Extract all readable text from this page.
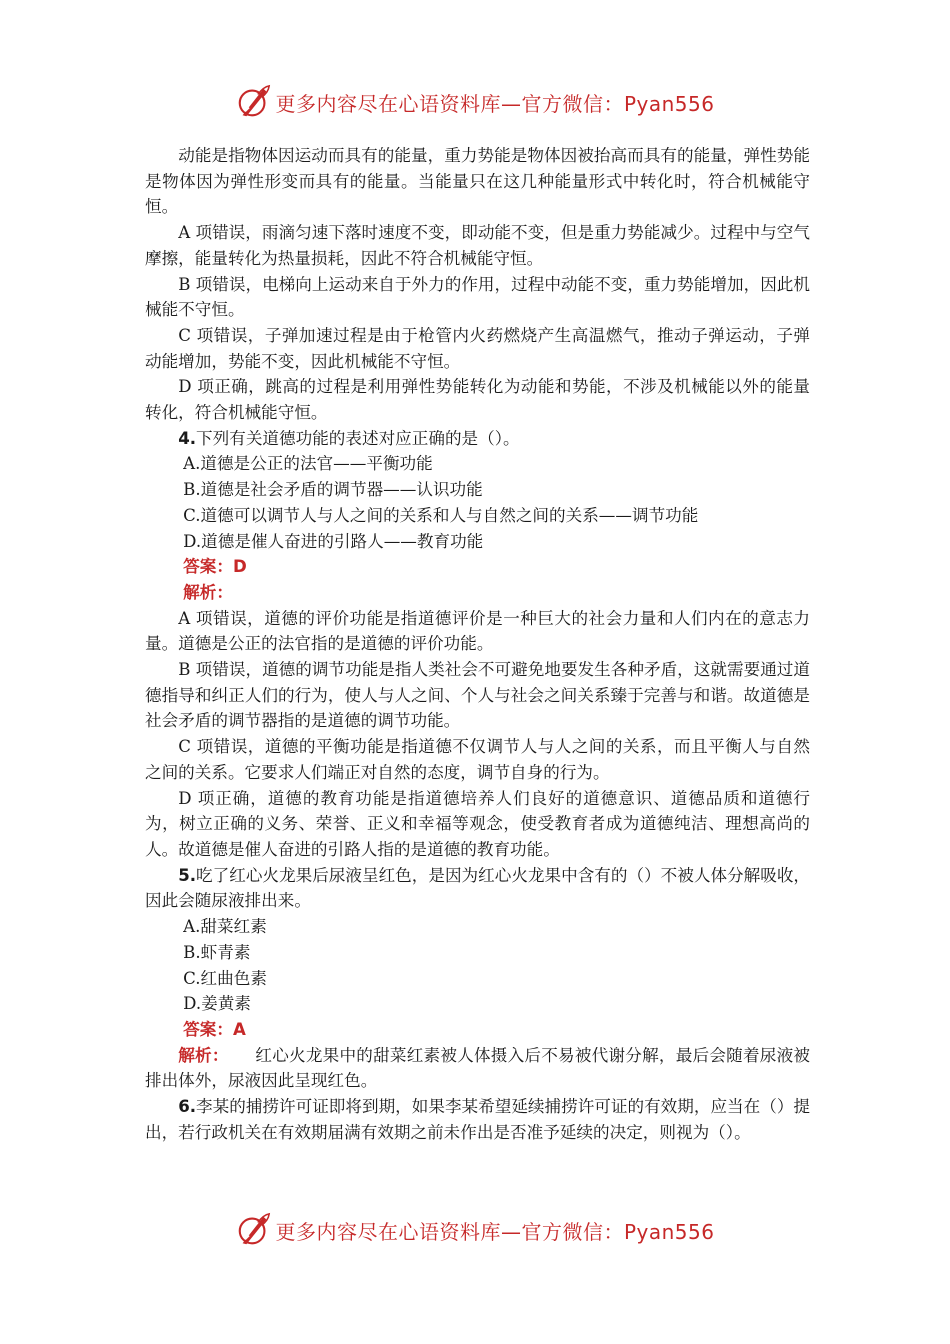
更多内容尽在心语资料库—官方微信：Pyan556

动能是指物体因运动而具有的能量，重力势能是物体因被抬高而具有的能量，弹性势能是物体因为弹性形变而具有的能量。当能量只在这几种能量形式中转化时，符合机械能守恒。

A 项错误，雨滴匀速下落时速度不变，即动能不变，但是重力势能减少。过程中与空气摩擦，能量转化为热量损耗，因此不符合机械能守恒。

B 项错误，电梯向上运动来自于外力的作用，过程中动能不变，重力势能增加，因此机械能不守恒。

C 项错误，子弹加速过程是由于枪管内火药燃烧产生高温燃气，推动子弹运动，子弹动能增加，势能不变，因此机械能不守恒。

D 项正确，跳高的过程是利用弹性势能转化为动能和势能，不涉及机械能以外的能量转化，符合机械能守恒。

4.下列有关道德功能的表述对应正确的是（）。

A.道德是公正的法官——平衡功能

B.道德是社会矛盾的调节器——认识功能

C.道德可以调节人与人之间的关系和人与自然之间的关系——调节功能

D.道德是催人奋进的引路人——教育功能

答案：D

解析：

A 项错误，道德的评价功能是指道德评价是一种巨大的社会力量和人们内在的意志力量。道德是公正的法官指的是道德的评价功能。

B 项错误，道德的调节功能是指人类社会不可避免地要发生各种矛盾，这就需要通过道德指导和纠正人们的行为，使人与人之间、个人与社会之间关系臻于完善与和谐。故道德是社会矛盾的调节器指的是道德的调节功能。

C 项错误，道德的平衡功能是指道德不仅调节人与人之间的关系，而且平衡人与自然之间的关系。它要求人们端正对自然的态度，调节自身的行为。

D 项正确，道德的教育功能是指道德培养人们良好的道德意识、道德品质和道德行为，树立正确的义务、荣誉、正义和幸福等观念，使受教育者成为道德纯洁、理想高尚的人。故道德是催人奋进的引路人指的是道德的教育功能。

5.吃了红心火龙果后尿液呈红色，是因为红心火龙果中含有的（）不被人体分解吸收，因此会随尿液排出来。

A.甜菜红素

B.虾青素

C.红曲色素

D.姜黄素

答案：A

解析： 红心火龙果中的甜菜红素被人体摄入后不易被代谢分解，最后会随着尿液被排出体外，尿液因此呈现红色。

6.李某的捕捞许可证即将到期，如果李某希望延续捕捞许可证的有效期，应当在（）提出，若行政机关在有效期届满有效期之前未作出是否准予延续的决定，则视为（）。

更多内容尽在心语资料库—官方微信：Pyan556
